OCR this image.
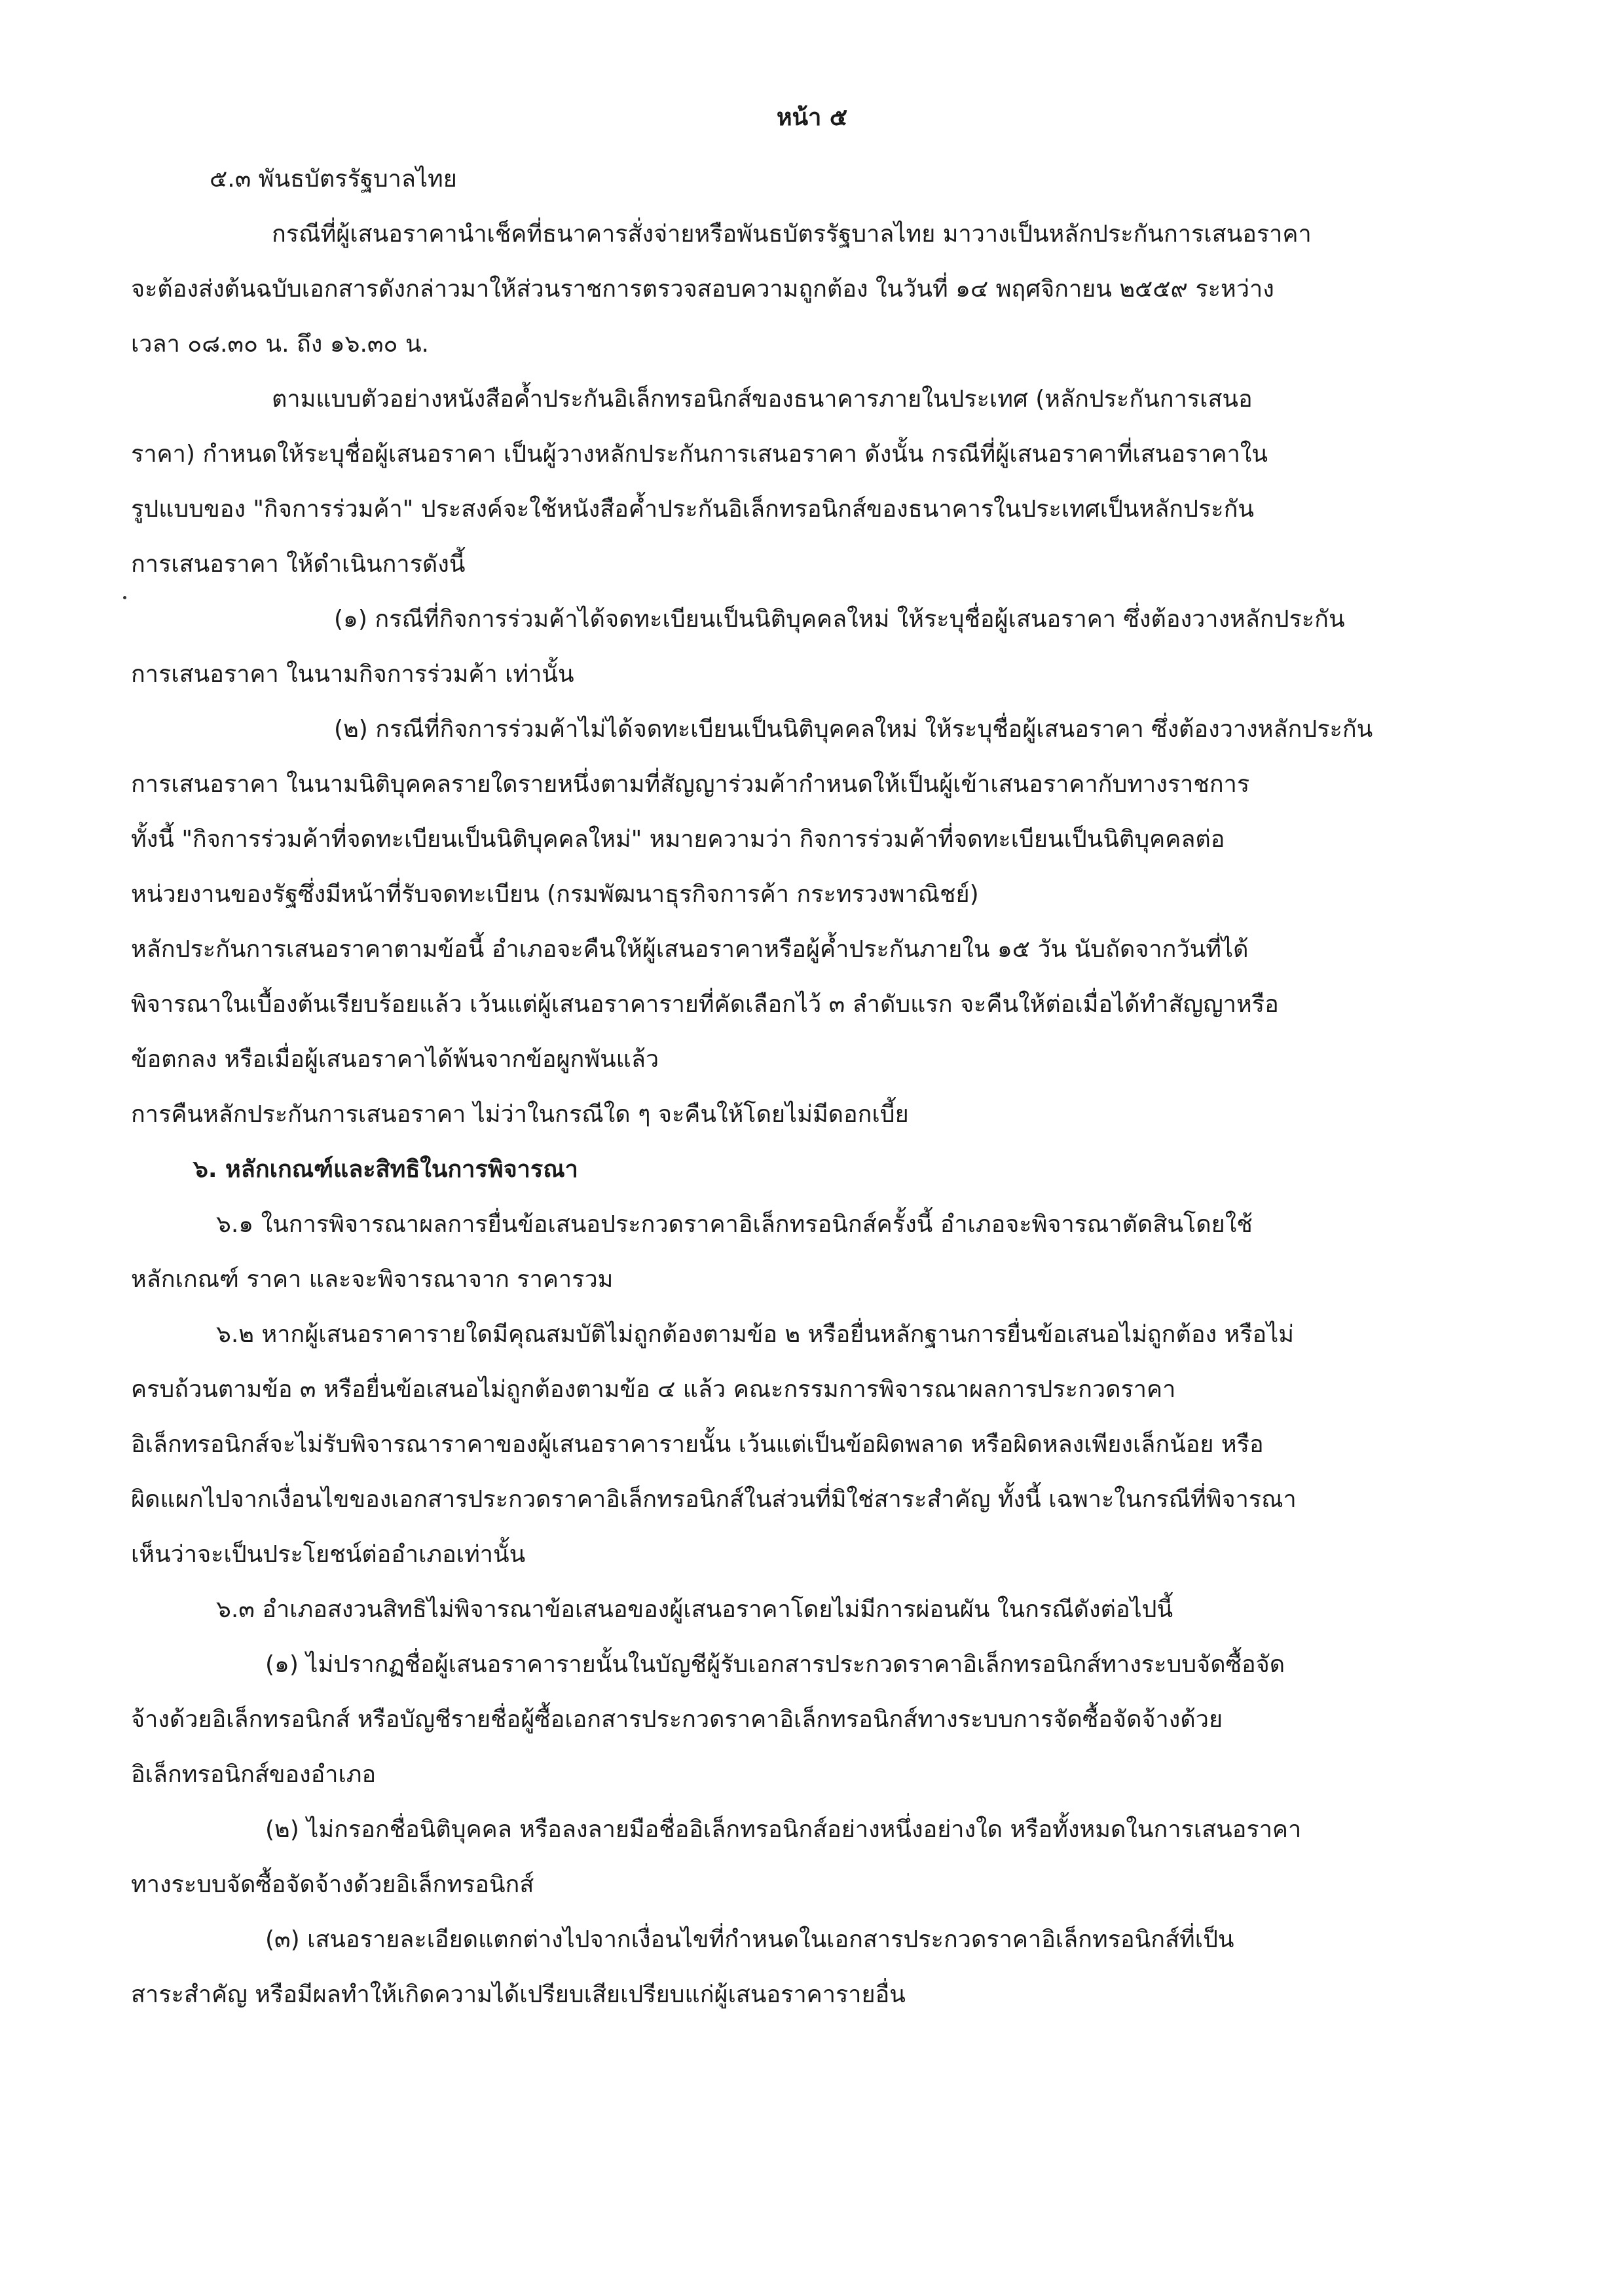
หน้า ๕
๕.๓ พันธบัตรรัฐบาลไทย
กรณีที่ผู้เสนอราคานำเช็คที่ธนาคารสั่งจ่ายหรือพันธบัตรรัฐบาลไทย มาวางเป็นหลักประกันการเสนอราคา
จะต้องส่งต้นฉบับเอกสารดังกล่าวมาให้ส่วนราชการตรวจสอบความถูกต้อง ในวันที่ ๑๔ พฤศจิกายน ๒๕๕๙ ระหว่าง
เวลา ๐๘.๓๐ น. ถึง ๑๖.๓๐ น.
ตามแบบตัวอย่างหนังสือค้ำประกันอิเล็กทรอนิกส์ของธนาคารภายในประเทศ (หลักประกันการเสนอ
ราคา) กำหนดให้ระบุชื่อผู้เสนอราคา เป็นผู้วางหลักประกันการเสนอราคา ดังนั้น กรณีที่ผู้เสนอราคาที่เสนอราคาใน
รูปแบบของ "กิจการร่วมค้า" ประสงค์จะใช้หนังสือค้ำประกันอิเล็กทรอนิกส์ของธนาคารในประเทศเป็นหลักประกัน
การเสนอราคา ให้ดำเนินการดังนี้
(๑) กรณีที่กิจการร่วมค้าได้จดทะเบียนเป็นนิติบุคคลใหม่ ให้ระบุชื่อผู้เสนอราคา ซึ่งต้องวางหลักประกัน
การเสนอราคา ในนามกิจการร่วมค้า เท่านั้น
(๒) กรณีที่กิจการร่วมค้าไม่ได้จดทะเบียนเป็นนิติบุคคลใหม่ ให้ระบุชื่อผู้เสนอราคา ซึ่งต้องวางหลักประกัน
การเสนอราคา ในนามนิติบุคคลรายใดรายหนึ่งตามที่สัญญาร่วมค้ากำหนดให้เป็นผู้เข้าเสนอราคากับทางราชการ
ทั้งนี้ "กิจการร่วมค้าที่จดทะเบียนเป็นนิติบุคคลใหม่" หมายความว่า กิจการร่วมค้าที่จดทะเบียนเป็นนิติบุคคลต่อ
หน่วยงานของรัฐซึ่งมีหน้าที่รับจดทะเบียน (กรมพัฒนาธุรกิจการค้า กระทรวงพาณิชย์)
หลักประกันการเสนอราคาตามข้อนี้ อำเภอจะคืนให้ผู้เสนอราคาหรือผู้ค้ำประกันภายใน ๑๕ วัน นับถัดจากวันที่ได้
พิจารณาในเบื้องต้นเรียบร้อยแล้ว เว้นแต่ผู้เสนอราคารายที่คัดเลือกไว้ ๓ ลำดับแรก จะคืนให้ต่อเมื่อได้ทำสัญญาหรือ
ข้อตกลง หรือเมื่อผู้เสนอราคาได้พ้นจากข้อผูกพันแล้ว
การคืนหลักประกันการเสนอราคา ไม่ว่าในกรณีใด ๆ จะคืนให้โดยไม่มีดอกเบี้ย
๖. หลักเกณฑ์และสิทธิในการพิจารณา
๖.๑ ในการพิจารณาผลการยื่นข้อเสนอประกวดราคาอิเล็กทรอนิกส์ครั้งนี้ อำเภอจะพิจารณาตัดสินโดยใช้
หลักเกณฑ์ ราคา และจะพิจารณาจาก ราคารวม
๖.๒ หากผู้เสนอราคารายใดมีคุณสมบัติไม่ถูกต้องตามข้อ ๒ หรือยื่นหลักฐานการยื่นข้อเสนอไม่ถูกต้อง หรือไม่
ครบถ้วนตามข้อ ๓ หรือยื่นข้อเสนอไม่ถูกต้องตามข้อ ๔ แล้ว คณะกรรมการพิจารณาผลการประกวดราคา
อิเล็กทรอนิกส์จะไม่รับพิจารณาราคาของผู้เสนอราคารายนั้น เว้นแต่เป็นข้อผิดพลาด หรือผิดหลงเพียงเล็กน้อย หรือ
ผิดแผกไปจากเงื่อนไขของเอกสารประกวดราคาอิเล็กทรอนิกส์ในส่วนที่มิใช่สาระสำคัญ ทั้งนี้ เฉพาะในกรณีที่พิจารณา
เห็นว่าจะเป็นประโยชน์ต่ออำเภอเท่านั้น
๖.๓ อำเภอสงวนสิทธิไม่พิจารณาข้อเสนอของผู้เสนอราคาโดยไม่มีการผ่อนผัน ในกรณีดังต่อไปนี้
(๑) ไม่ปรากฏชื่อผู้เสนอราคารายนั้นในบัญชีผู้รับเอกสารประกวดราคาอิเล็กทรอนิกส์ทางระบบจัดซื้อจัด
จ้างด้วยอิเล็กทรอนิกส์ หรือบัญชีรายชื่อผู้ซื้อเอกสารประกวดราคาอิเล็กทรอนิกส์ทางระบบการจัดซื้อจัดจ้างด้วย
อิเล็กทรอนิกส์ของอำเภอ
(๒) ไม่กรอกชื่อนิติบุคคล หรือลงลายมือชื่ออิเล็กทรอนิกส์อย่างหนึ่งอย่างใด หรือทั้งหมดในการเสนอราคา
ทางระบบจัดซื้อจัดจ้างด้วยอิเล็กทรอนิกส์
(๓) เสนอรายละเอียดแตกต่างไปจากเงื่อนไขที่กำหนดในเอกสารประกวดราคาอิเล็กทรอนิกส์ที่เป็น
สาระสำคัญ หรือมีผลทำให้เกิดความได้เปรียบเสียเปรียบแก่ผู้เสนอราคารายอื่น
